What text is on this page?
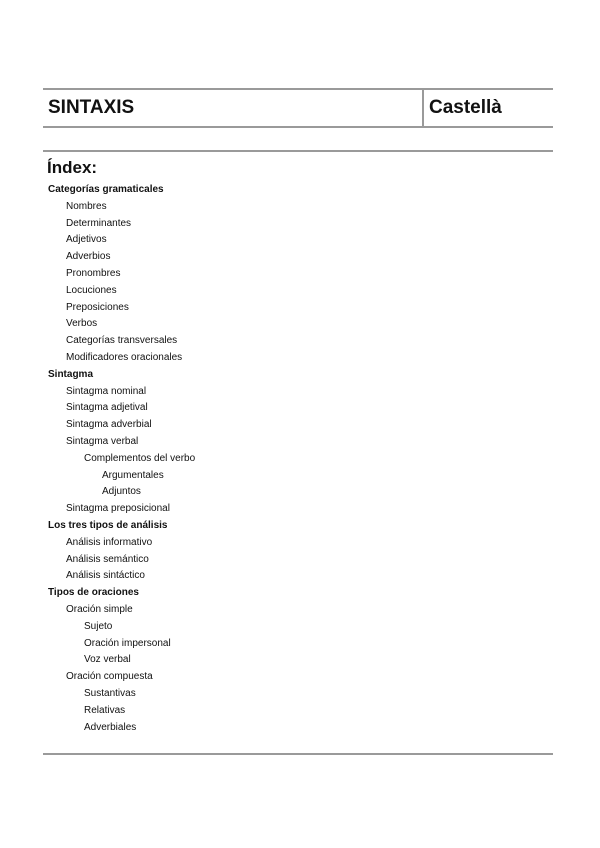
SINTAXIS	Castellà
Índex:
Categorías gramaticales
Nombres
Determinantes
Adjetivos
Adverbios
Pronombres
Locuciones
Preposiciones
Verbos
Categorías transversales
Modificadores oracionales
Sintagma
Sintagma nominal
Sintagma adjetival
Sintagma adverbial
Sintagma verbal
Complementos del verbo
Argumentales
Adjuntos
Sintagma preposicional
Los tres tipos de análisis
Análisis informativo
Análisis semántico
Análisis sintáctico
Tipos de oraciones
Oración simple
Sujeto
Oración impersonal
Voz verbal
Oración compuesta
Sustantivas
Relativas
Adverbiales
